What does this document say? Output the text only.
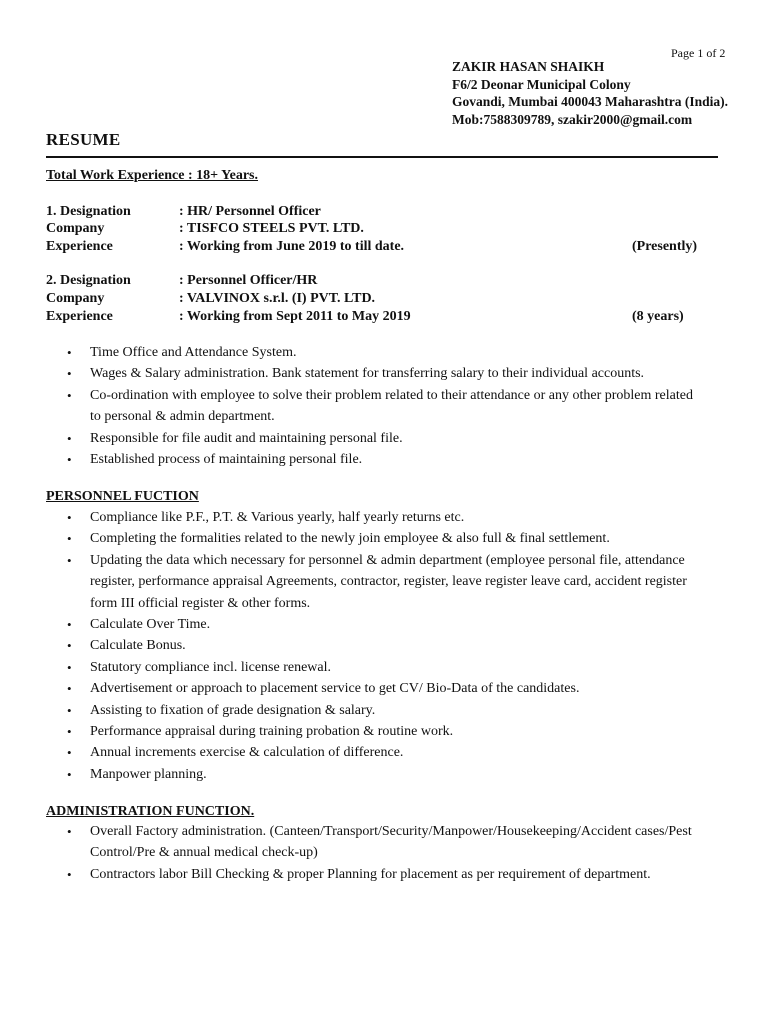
Page 1 of 2
ZAKIR HASAN SHAIKH
F6/2 Deonar Municipal Colony
Govandi, Mumbai 400043 Maharashtra (India).
Mob:7588309789, szakir2000@gmail.com
RESUME
Total Work Experience : 18+ Years.
1. Designation	: HR/ Personnel Officer
Company	: TISFCO STEELS PVT. LTD.
Experience	: Working from June 2019 to till date.	(Presently)
2. Designation	: Personnel Officer/HR
Company	: VALVINOX s.r.l. (I) PVT. LTD.
Experience	: Working from Sept 2011 to May 2019	(8 years)
• Time Office and Attendance System.
• Wages & Salary administration. Bank statement for transferring salary to their individual accounts.
• Co-ordination with employee to solve their problem related to their attendance or any other problem related to personal & admin department.
• Responsible for file audit and maintaining personal file.
• Established process of maintaining personal file.
PERSONNEL FUCTION
• Compliance like P.F., P.T. & Various yearly, half yearly returns etc.
• Completing the formalities related to the newly join employee & also full & final settlement.
• Updating the data which necessary for personnel & admin department (employee personal file, attendance register, performance appraisal Agreements, contractor, register, leave register leave card, accident register form III official register & other forms.
• Calculate Over Time.
• Calculate Bonus.
• Statutory compliance incl. license renewal.
• Advertisement or approach to placement service to get CV/ Bio-Data of the candidates.
• Assisting to fixation of grade designation & salary.
• Performance appraisal during training probation & routine work.
• Annual increments exercise & calculation of difference.
• Manpower planning.
ADMINISTRATION FUNCTION.
• Overall Factory administration. (Canteen/Transport/Security/Manpower/Housekeeping/Accident cases/Pest Control/Pre & annual medical check-up)
• Contractors labor Bill Checking & proper Planning for placement as per requirement of department.
